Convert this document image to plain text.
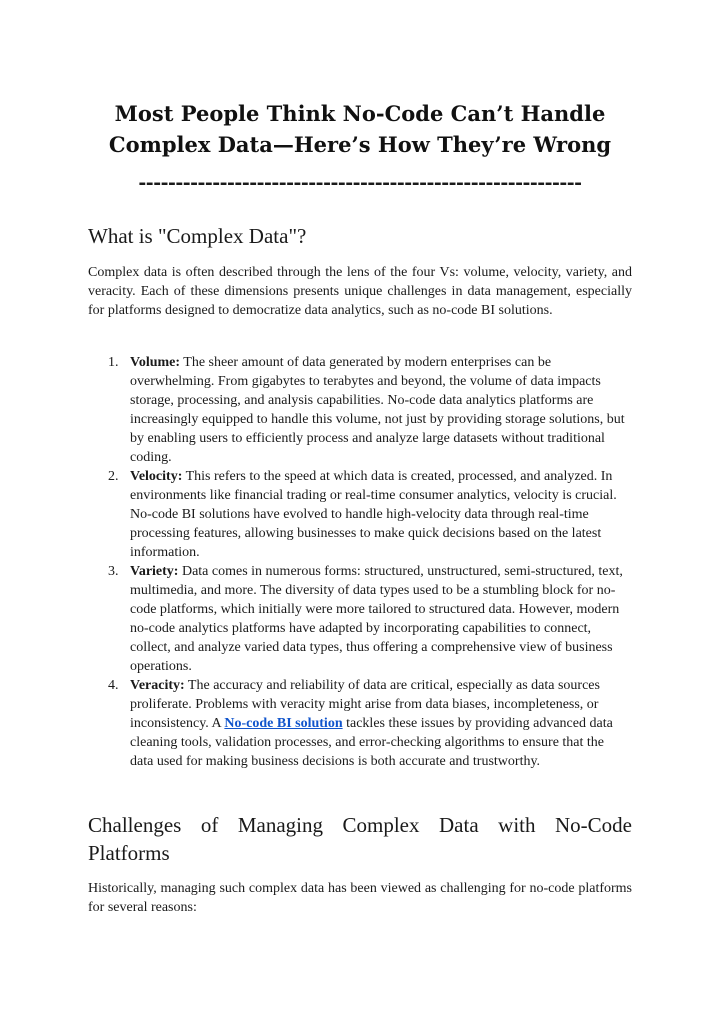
Most People Think No-Code Can’t Handle Complex Data—Here’s How They’re Wrong
------------------------------------------------------------
What is "Complex Data"?

Complex data is often described through the lens of the four Vs: volume, velocity, variety, and veracity. Each of these dimensions presents unique challenges in data management, especially for platforms designed to democratize data analytics, such as no-code BI solutions.

1. Volume: The sheer amount of data generated by modern enterprises can be overwhelming. From gigabytes to terabytes and beyond, the volume of data impacts storage, processing, and analysis capabilities. No-code data analytics platforms are increasingly equipped to handle this volume, not just by providing storage solutions, but by enabling users to efficiently process and analyze large datasets without traditional coding.
2. Velocity: This refers to the speed at which data is created, processed, and analyzed. In environments like financial trading or real-time consumer analytics, velocity is crucial. No-code BI solutions have evolved to handle high-velocity data through real-time processing features, allowing businesses to make quick decisions based on the latest information.
3. Variety: Data comes in numerous forms: structured, unstructured, semi-structured, text, multimedia, and more. The diversity of data types used to be a stumbling block for no-code platforms, which initially were more tailored to structured data. However, modern no-code analytics platforms have adapted by incorporating capabilities to connect, collect, and analyze varied data types, thus offering a comprehensive view of business operations.
4. Veracity: The accuracy and reliability of data are critical, especially as data sources proliferate. Problems with veracity might arise from data biases, incompleteness, or inconsistency. A No-code BI solution tackles these issues by providing advanced data cleaning tools, validation processes, and error-checking algorithms to ensure that the data used for making business decisions is both accurate and trustworthy.
Challenges of Managing Complex Data with No-Code
Platforms

Historically, managing such complex data has been viewed as challenging for no-code platforms for several reasons:
